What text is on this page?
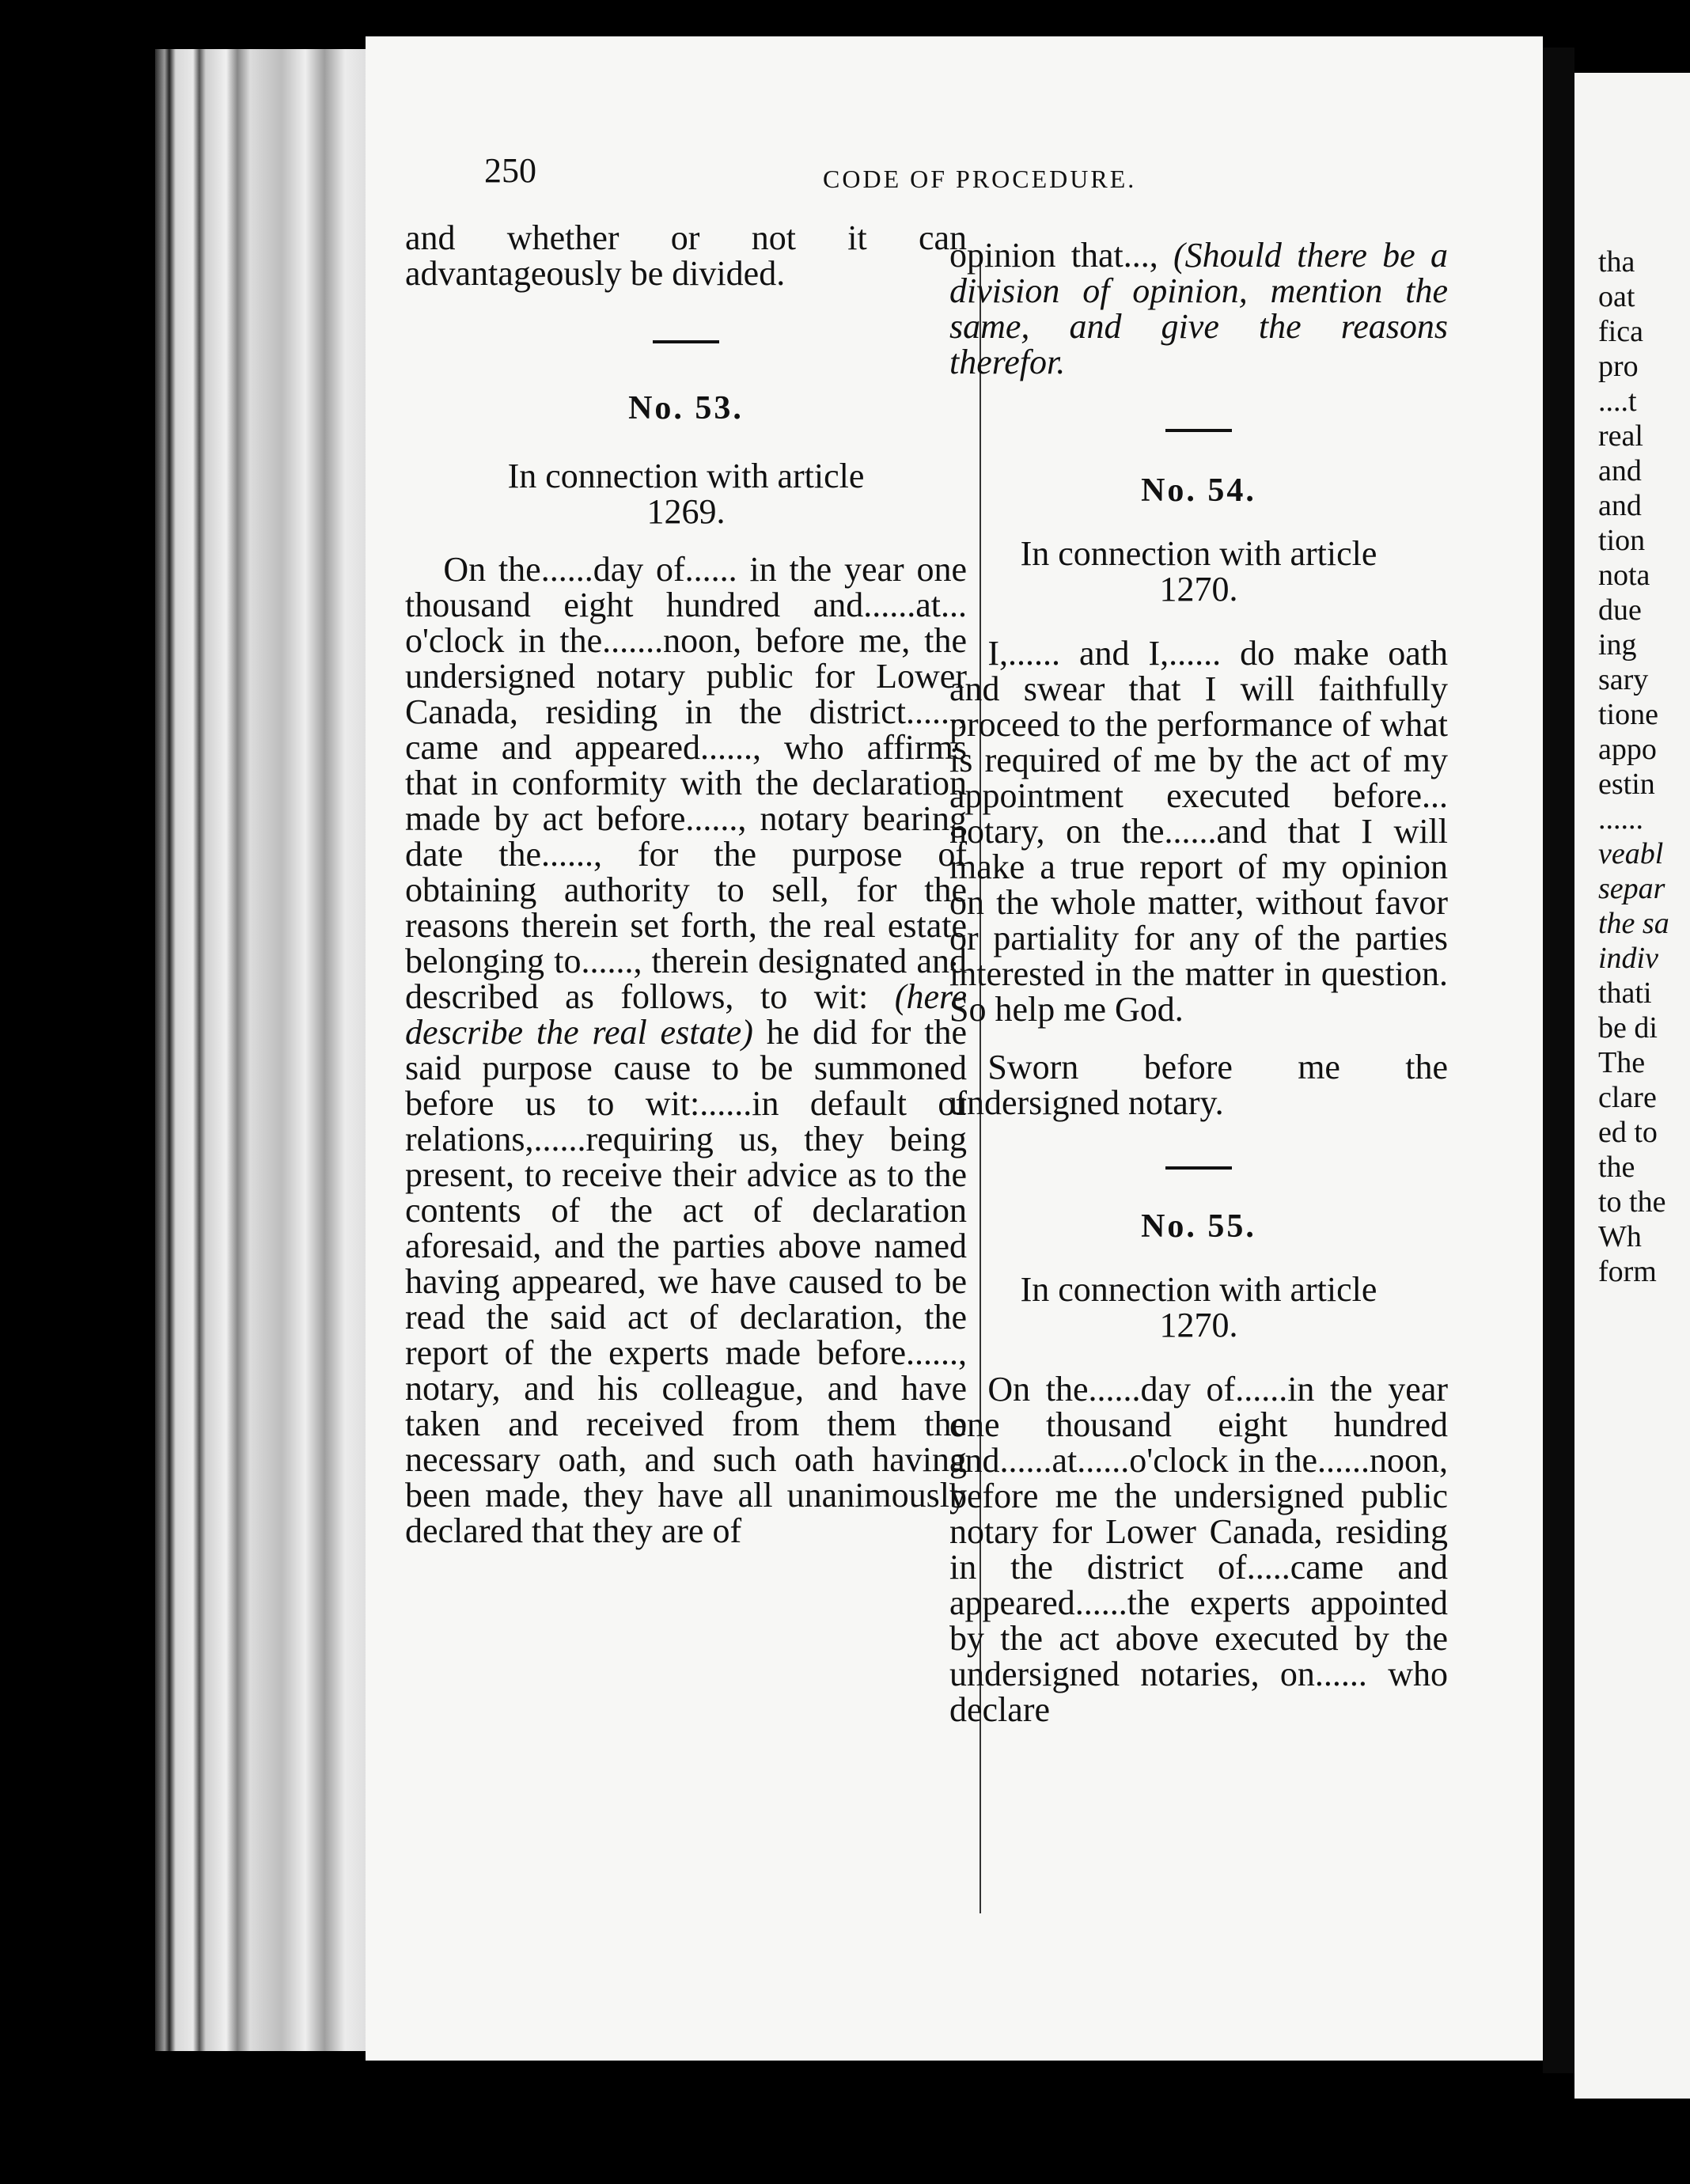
250	CODE OF PROCEDURE.

and whether or not it can advantageously be divided.

No. 53.

In connection with article

1269.

On the......day of...... in the year one thousand eight hundred and......at... o'clock in the.......noon, before me, the undersigned notary public for Lower Canada, residing in the district......, came and appeared......, who affirms that in conformity with the declaration made by act before......, notary bearing date the......, for the purpose of obtaining authority to sell, for the reasons therein set forth, the real estate belonging to......, therein designated and described as follows, to wit: (here describe the real estate) he did for the said purpose cause to be summoned before us to wit:......in default of relations,......requiring us, they being present, to receive their advice as to the contents of the act of declaration aforesaid, and the parties above named having appeared, we have caused to be read the said act of declaration, the report of the experts made before......, notary, and his colleague, and have taken and received from them the necessary oath, and such oath having been made, they have all unanimously declared that they are of

opinion that..., (Should there be a division of opinion, mention the same, and give the reasons therefor.

No. 54.

In connection with article

1270.

I,...... and I,...... do make oath and swear that I will faithfully proceed to the performance of what is required of me by the act of my appointment executed before... notary, on the......and that I will make a true report of my opinion on the whole matter, without favor or partiality for any of the parties interested in the matter in question. So help me God.

Sworn before me the undersigned notary.

No. 55.

In connection with article

1270.

On the......day of......in the year one thousand eight hundred and......at......o'clock in the......noon, before me the undersigned public notary for Lower Canada, residing in the district of.....came and appeared......the experts appointed by the act above executed by the undersigned notaries, on...... who declare

tha
oat
fica
pro
....t
real
and
and
tion
nota
due
ing
sary
tione
appo
estin
......
veabl
separ
the sa
indiv
thati
be di
The
clare
ed to
the
to the
Wh
form
